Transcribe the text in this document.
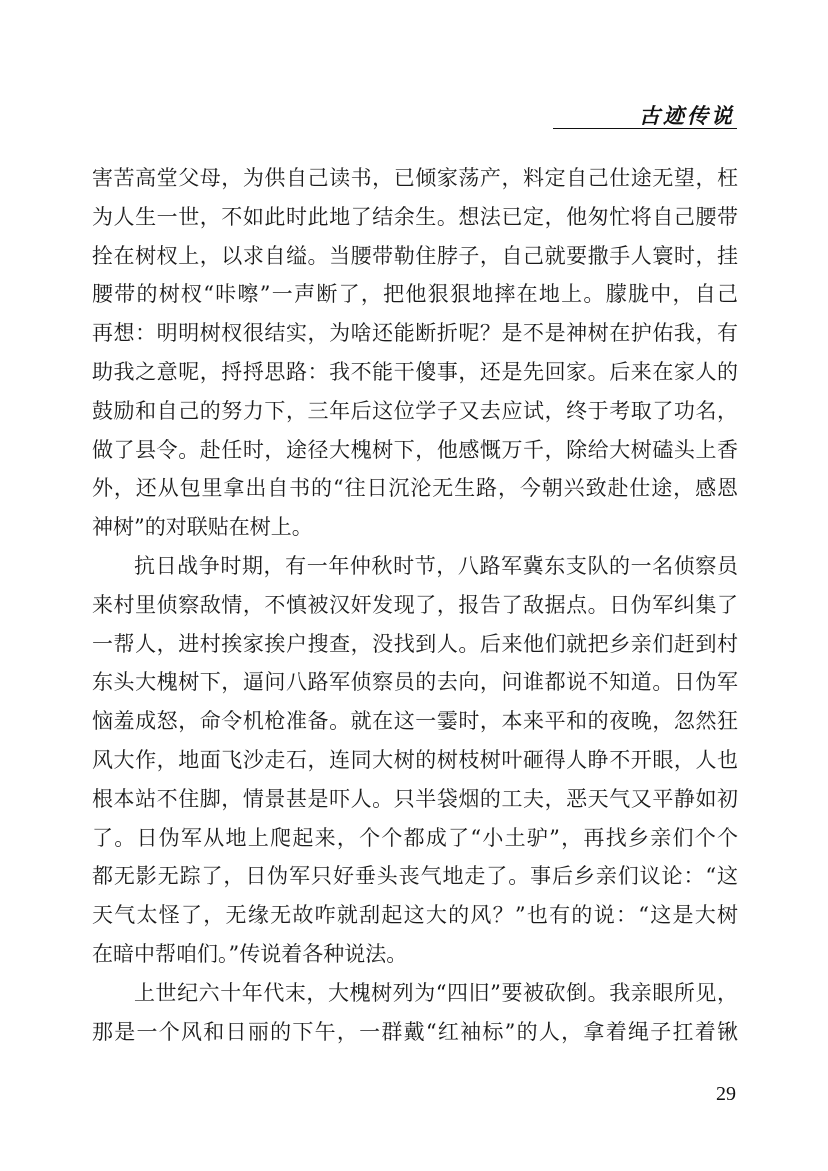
古迹传说
害苦高堂父母，为供自己读书，已倾家荡产，料定自己仕途无望，枉
为人生一世，不如此时此地了结余生。想法已定，他匆忙将自己腰带
拴在树杈上，以求自缢。当腰带勒住脖子，自己就要撒手人寰时，挂
腰带的树杈“咔嚓”一声断了，把他狠狠地摔在地上。朦胧中，自己
再想：明明树杈很结实，为啥还能断折呢？是不是神树在护佑我，有
助我之意呢，捋捋思路：我不能干傻事，还是先回家。后来在家人的
鼓励和自己的努力下，三年后这位学子又去应试，终于考取了功名，
做了县令。赴任时，途径大槐树下，他感慨万千，除给大树磕头上香
外，还从包里拿出自书的“往日沉沦无生路，今朝兴致赴仕途，感恩
神树”的对联贴在树上。
抗日战争时期，有一年仲秋时节，八路军冀东支队的一名侦察员
来村里侦察敌情，不慎被汉奸发现了，报告了敌据点。日伪军纠集了
一帮人，进村挨家挨户搜查，没找到人。后来他们就把乡亲们赶到村
东头大槐树下，逼问八路军侦察员的去向，问谁都说不知道。日伪军
恼羞成怒，命令机枪准备。就在这一霎时，本来平和的夜晚，忽然狂
风大作，地面飞沙走石，连同大树的树枝树叶砸得人睁不开眼，人也
根本站不住脚，情景甚是吓人。只半袋烟的工夫，恶天气又平静如初
了。日伪军从地上爬起来，个个都成了“小土驴”，再找乡亲们个个
都无影无踪了，日伪军只好垂头丧气地走了。事后乡亲们议论：“这
天气太怪了，无缘无故咋就刮起这大的风？”也有的说：“这是大树
在暗中帮咱们。”传说着各种说法。
上世纪六十年代末，大槐树列为“四旧”要被砍倒。我亲眼所见，
那是一个风和日丽的下午，一群戴“红袖标”的人，拿着绳子扛着锹
29
